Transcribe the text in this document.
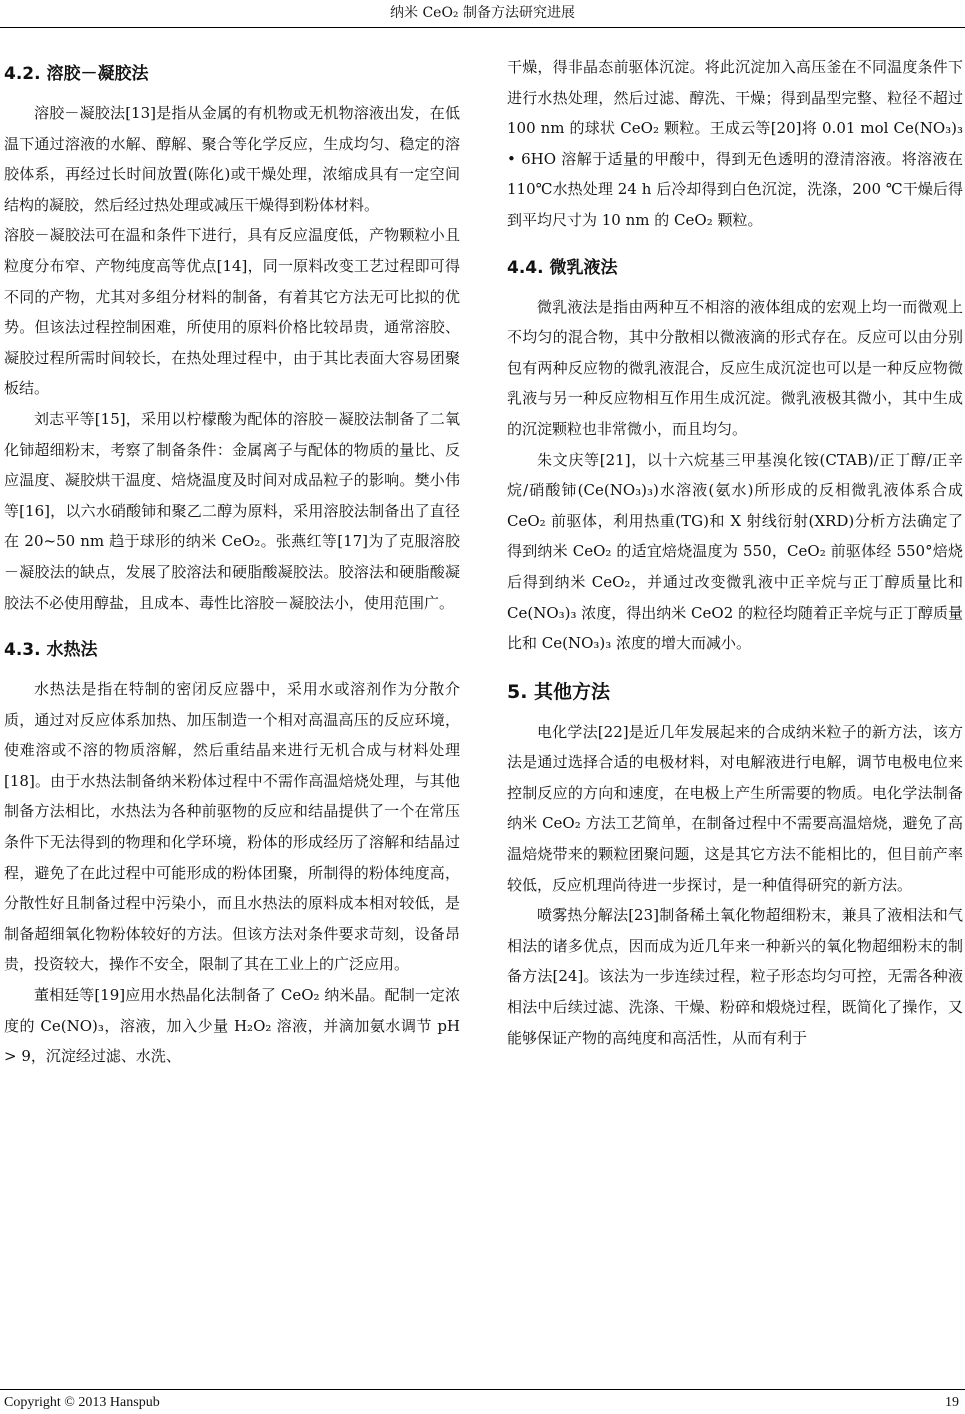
纳米 CeO₂ 制备方法研究进展
4.2. 溶胶－凝胶法

溶胶－凝胶法[13]是指从金属的有机物或无机物溶液出发，在低温下通过溶液的水解、醇解、聚合等化学反应，生成均匀、稳定的溶胶体系，再经过长时间放置(陈化)或干燥处理，浓缩成具有一定空间结构的凝胶，然后经过热处理或减压干燥得到粉体材料。

溶胶－凝胶法可在温和条件下进行，具有反应温度低，产物颗粒小且粒度分布窄、产物纯度高等优点[14]，同一原料改变工艺过程即可得不同的产物，尤其对多组分材料的制备，有着其它方法无可比拟的优势。但该法过程控制困难，所使用的原料价格比较昂贵，通常溶胶、凝胶过程所需时间较长，在热处理过程中，由于其比表面大容易团聚板结。

刘志平等[15]，采用以柠檬酸为配体的溶胶－凝胶法制备了二氧化铈超细粉末，考察了制备条件：金属离子与配体的物质的量比、反应温度、凝胶烘干温度、焙烧温度及时间对成品粒子的影响。樊小伟等[16]，以六水硝酸铈和聚乙二醇为原料，采用溶胶法制备出了直径在 20~50 nm 趋于球形的纳米 CeO₂。张燕红等[17]为了克服溶胶－凝胶法的缺点，发展了胶溶法和硬脂酸凝胶法。胶溶法和硬脂酸凝胶法不必使用醇盐，且成本、毒性比溶胶－凝胶法小，使用范围广。

4.3. 水热法

水热法是指在特制的密闭反应器中，采用水或溶剂作为分散介质，通过对反应体系加热、加压制造一个相对高温高压的反应环境，使难溶或不溶的物质溶解，然后重结晶来进行无机合成与材料处理[18]。由于水热法制备纳米粉体过程中不需作高温焙烧处理，与其他制备方法相比，水热法为各种前驱物的反应和结晶提供了一个在常压条件下无法得到的物理和化学环境，粉体的形成经历了溶解和结晶过程，避免了在此过程中可能形成的粉体团聚，所制得的粉体纯度高，分散性好且制备过程中污染小，而且水热法的原料成本相对较低，是制备超细氧化物粉体较好的方法。但该方法对条件要求苛刻，设备昂贵，投资较大，操作不安全，限制了其在工业上的广泛应用。

董相廷等[19]应用水热晶化法制备了 CeO₂ 纳米晶。配制一定浓度的 Ce(NO)₃，溶液，加入少量 H₂O₂ 溶液，并滴加氨水调节 pH > 9，沉淀经过滤、水洗、

干燥，得非晶态前驱体沉淀。将此沉淀加入高压釜在不同温度条件下进行水热处理，然后过滤、醇洗、干燥；得到晶型完整、粒径不超过 100 nm 的球状 CeO₂ 颗粒。王成云等[20]将 0.01 mol Ce(NO₃)₃ • 6HO 溶解于适量的甲酸中，得到无色透明的澄清溶液。将溶液在 110℃水热处理 24 h 后冷却得到白色沉淀，洗涤，200 ℃干燥后得到平均尺寸为 10 nm 的 CeO₂ 颗粒。

4.4. 微乳液法

微乳液法是指由两种互不相溶的液体组成的宏观上均一而微观上不均匀的混合物，其中分散相以微液滴的形式存在。反应可以由分别包有两种反应物的微乳液混合，反应生成沉淀也可以是一种反应物微乳液与另一种反应物相互作用生成沉淀。微乳液极其微小，其中生成的沉淀颗粒也非常微小，而且均匀。

朱文庆等[21]，以十六烷基三甲基溴化铵(CTAB)/正丁醇/正辛烷/硝酸铈(Ce(NO₃)₃)水溶液(氨水)所形成的反相微乳液体系合成 CeO₂ 前驱体，利用热重(TG)和 X 射线衍射(XRD)分析方法确定了得到纳米 CeO₂ 的适宜焙烧温度为 550，CeO₂ 前驱体经 550°焙烧后得到纳米 CeO₂，并通过改变微乳液中正辛烷与正丁醇质量比和 Ce(NO₃)₃ 浓度，得出纳米 CeO2 的粒径均随着正辛烷与正丁醇质量比和 Ce(NO₃)₃ 浓度的增大而减小。

5. 其他方法

电化学法[22]是近几年发展起来的合成纳米粒子的新方法，该方法是通过选择合适的电极材料，对电解液进行电解，调节电极电位来控制反应的方向和速度，在电极上产生所需要的物质。电化学法制备纳米 CeO₂ 方法工艺简单，在制备过程中不需要高温焙烧，避免了高温焙烧带来的颗粒团聚问题，这是其它方法不能相比的，但目前产率较低，反应机理尚待进一步探讨，是一种值得研究的新方法。

喷雾热分解法[23]制备稀土氧化物超细粉末，兼具了液相法和气相法的诸多优点，因而成为近几年来一种新兴的氧化物超细粉末的制备方法[24]。该法为一步连续过程，粒子形态均匀可控，无需各种液相法中后续过滤、洗涤、干燥、粉碎和煅烧过程，既简化了操作，又能够保证产物的高纯度和高活性，从而有利于

Copyright © 2013 Hanspub	19
